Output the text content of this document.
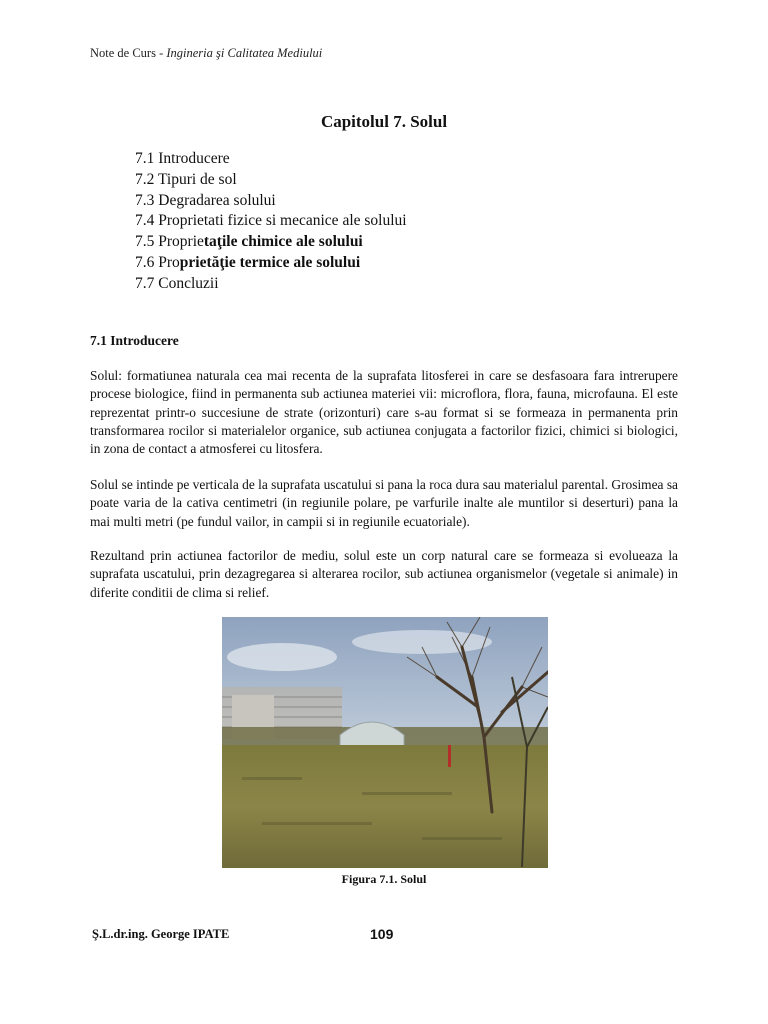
Note de Curs - Ingineria şi Calitatea Mediului
Capitolul 7. Solul
7.1 Introducere
7.2 Tipuri de sol
7.3 Degradarea solului
7.4 Proprietati fizice si mecanice ale solului
7.5 Proprietaţile chimice ale solului
7.6 Proprietăţie termice ale solului
7.7 Concluzii
7.1 Introducere

Solul: formatiunea naturala cea mai recenta de la suprafata litosferei in care se desfasoara fara intrerupere procese biologice, fiind in permanenta sub actiunea materiei vii: microflora, flora, fauna, microfauna. El este reprezentat printr-o succesiune de strate (orizonturi) care s-au format si se formeaza in permanenta prin transformarea rocilor si materialelor organice, sub actiunea conjugata a factorilor fizici, chimici si biologici, in zona de contact a atmosferei cu litosfera.

Solul se intinde pe verticala de la suprafata uscatului si pana la roca dura sau materialul parental. Grosimea sa poate varia de la cativa centimetri (in regiunile polare, pe varfurile inalte ale muntilor si deserturi) pana la mai multi metri (pe fundul vailor, in campii si in regiunile ecuatoriale).

Rezultand prin actiunea factorilor de mediu, solul este un corp natural care se formeaza si evolueaza la suprafata uscatului, prin dezagregarea si alterarea rocilor, sub actiunea organismelor (vegetale si animale) in diferite conditii de clima si relief.

Figura 7.1. Solul
Ş.L.dr.ing. George IPATE	109
